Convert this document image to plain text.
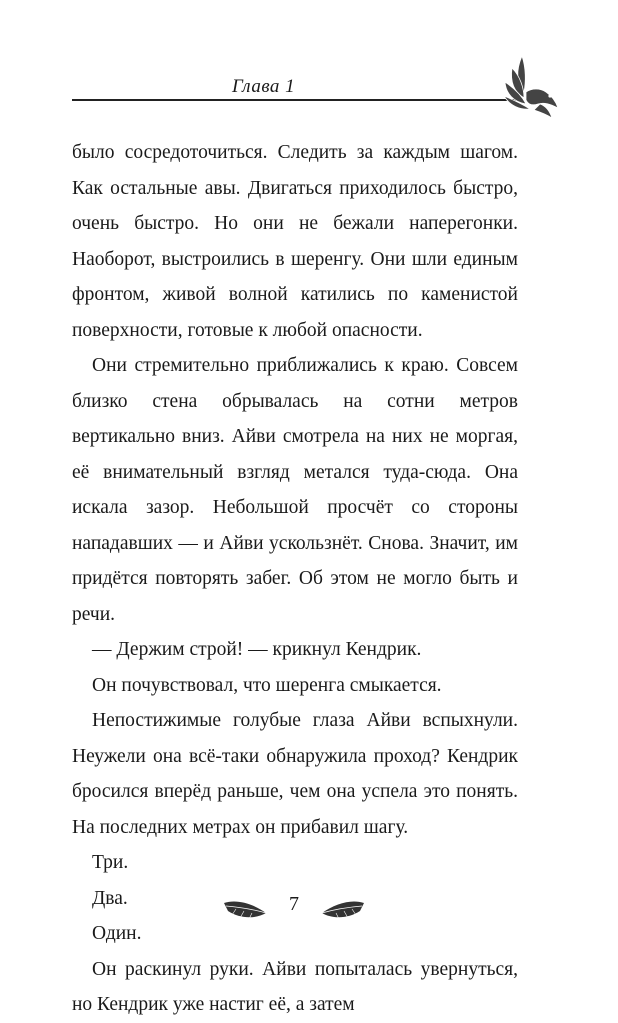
Глава 1

было сосредоточиться. Следить за каждым шагом. Как остальные авы. Двигаться приходилось быстро, очень быстро. Но они не бежали наперегонки. Наоборот, выстроились в шеренгу. Они шли единым фронтом, живой волной катились по каменистой поверхности, готовые к любой опасности.

Они стремительно приближались к краю. Совсем близко стена обрывалась на сотни метров вертикально вниз. Айви смотрела на них не моргая, её внимательный взгляд метался туда-сюда. Она искала зазор. Небольшой просчёт со стороны нападавших — и Айви ускользнёт. Снова. Значит, им придётся повторять забег. Об этом не могло быть и речи.

— Держим строй! — крикнул Кендрик.

Он почувствовал, что шеренга смыкается.

Непостижимые голубые глаза Айви вспыхнули. Неужели она всё-таки обнаружила проход? Кендрик бросился вперёд раньше, чем она успела это понять. На последних метрах он прибавил шагу.

Три.

Два.

Один.

Он раскинул руки. Айви попыталась увернуться, но Кендрик уже настиг её, а затем

7
